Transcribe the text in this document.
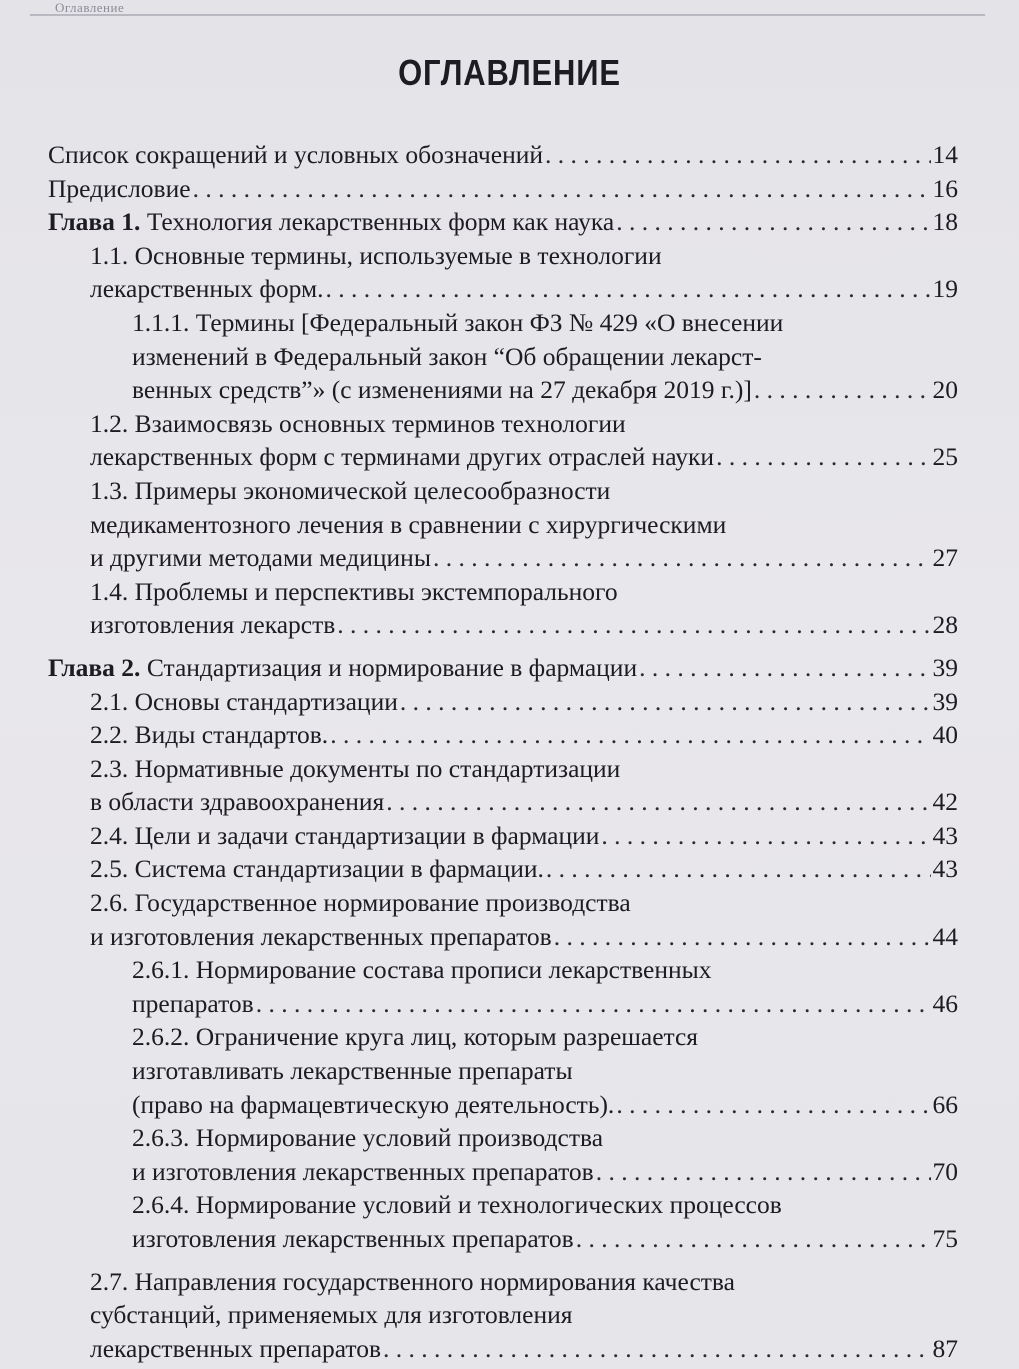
Оглавление
ОГЛАВЛЕНИЕ
Список сокращений и условных обозначений . . .	14
Предисловие . . .	16
Глава 1. Технология лекарственных форм как наука . . .	18
1.1. Основные термины, используемые в технологии
лекарственных форм. . . .	19
1.1.1. Термины [Федеральный закон ФЗ № 429 «О внесении
изменений в Федеральный закон “Об обращении лекарст-
венных средств”» (с изменениями на 27 декабря 2019 г.)] . . .	20
1.2. Взаимосвязь основных терминов технологии
лекарственных форм с терминами других отраслей науки . . .	25
1.3. Примеры экономической целесообразности
медикаментозного лечения в сравнении с хирургическими
и другими методами медицины . . .	27
1.4. Проблемы и перспективы экстемпорального
изготовления лекарств . . .	28
Глава 2. Стандартизация и нормирование в фармации . . .	39
2.1. Основы стандартизации . . .	39
2.2. Виды стандартов. . . .	40
2.3. Нормативные документы по стандартизации
в области здравоохранения . . .	42
2.4. Цели и задачи стандартизации в фармации . . .	43
2.5. Система стандартизации в фармации. . . .	43
2.6. Государственное нормирование производства
и изготовления лекарственных препаратов . . .	44
2.6.1. Нормирование состава прописи лекарственных
препаратов . . .	46
2.6.2. Ограничение круга лиц, которым разрешается
изготавливать лекарственные препараты
(право на фармацевтическую деятельность). . . .	66
2.6.3. Нормирование условий производства
и изготовления лекарственных препаратов . . .	70
2.6.4. Нормирование условий и технологических процессов
изготовления лекарственных препаратов . . .	75
2.7. Направления государственного нормирования качества
субстанций, применяемых для изготовления
лекарственных препаратов . . .	87
